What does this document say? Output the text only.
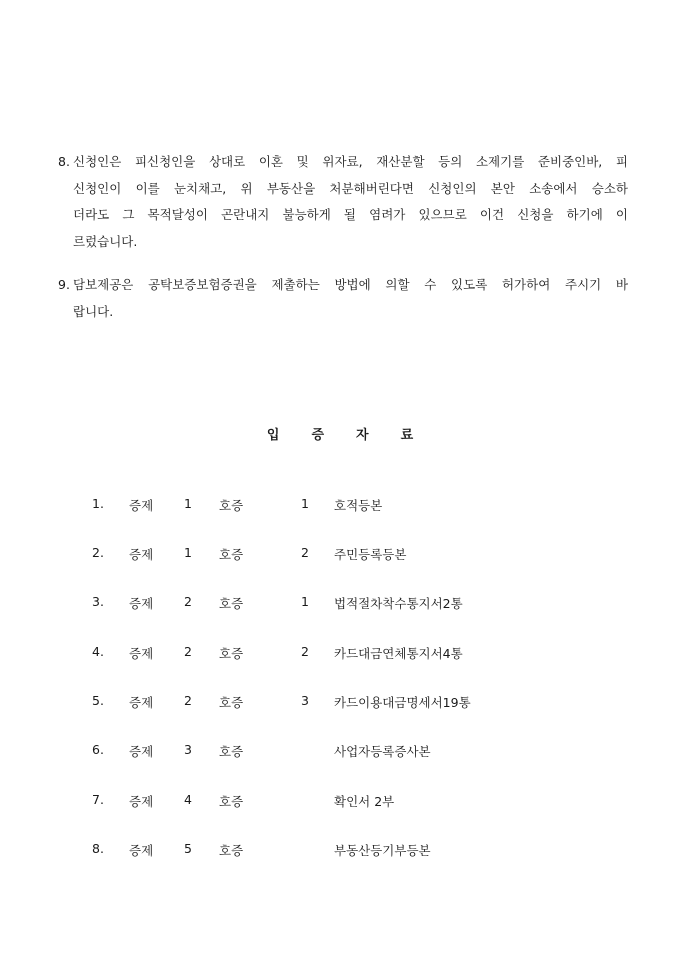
8. 신청인은 피신청인을 상대로 이혼 및 위자료, 재산분할 등의 소제기를 준비중인바, 피
신청인이 이를 눈치채고, 위 부동산을 처분해버린다면 신청인의 본안 소송에서 승소하
더라도 그 목적달성이 곤란내지 불능하게 될 염려가 있으므로 이건 신청을 하기에 이
르렀습니다.
9. 담보제공은 공탁보증보험증권을 제출하는 방법에 의할 수 있도록 허가하여 주시기 바
랍니다.
입 증 자 료
1. 증제 1 호증	1 호적등본
2. 증제 1 호증	2 주민등록등본
3. 증제 2 호증	1 법적절차착수통지서2통
4. 증제 2 호증	2 카드대금연체통지서4통
5. 증제 2 호증	3 카드이용대금명세서19통
6. 증제 3 호증	사업자등록증사본
7. 증제 4 호증	확인서 2부
8. 증제 5 호증	부동산등기부등본
